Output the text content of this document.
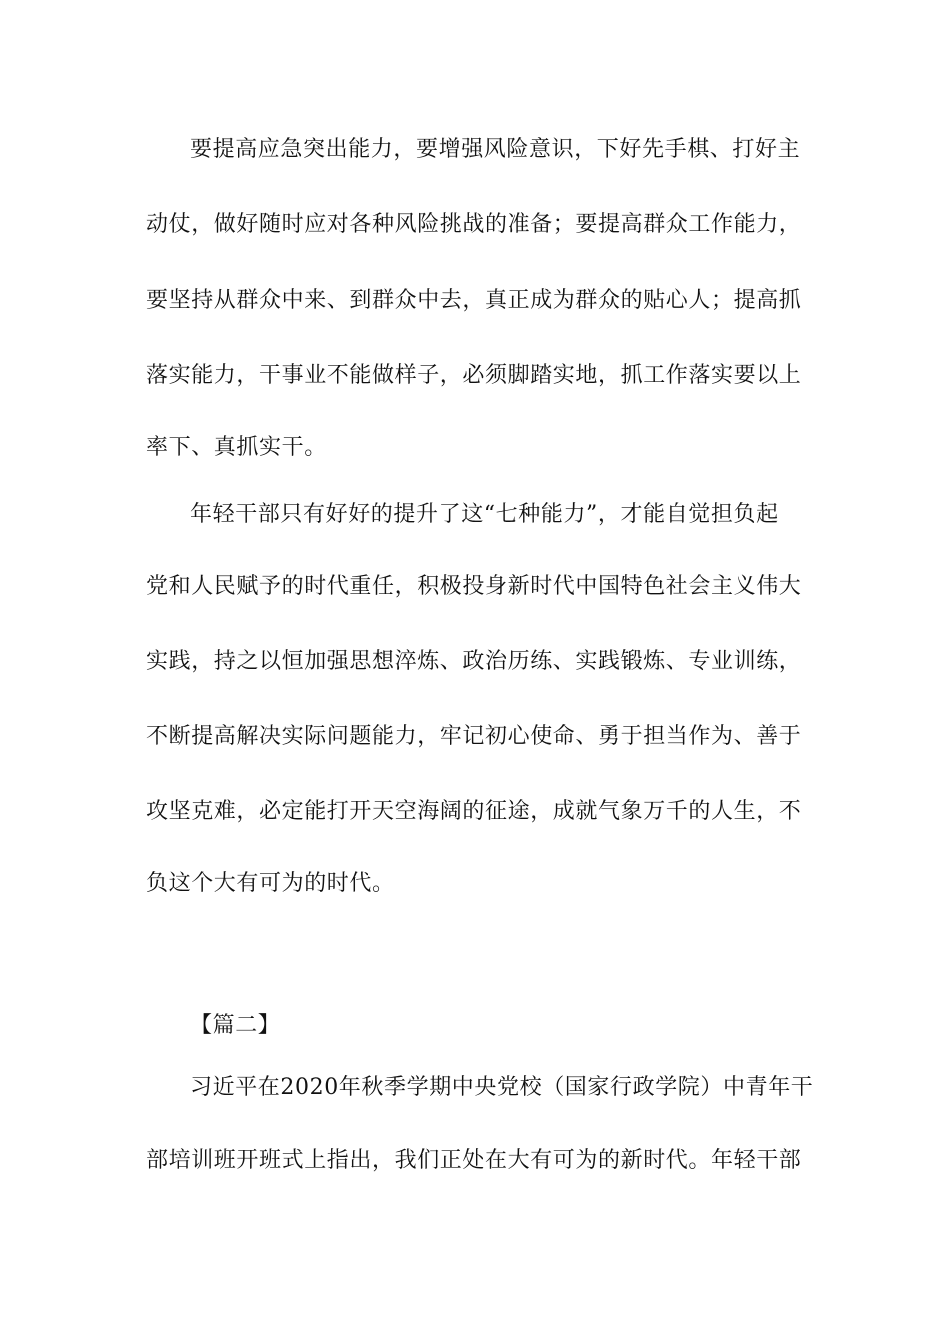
要提高应急突出能力，要增强风险意识，下好先手棋、打好主
动仗，做好随时应对各种风险挑战的准备；要提高群众工作能力，
要坚持从群众中来、到群众中去，真正成为群众的贴心人；提高抓
落实能力，干事业不能做样子，必须脚踏实地，抓工作落实要以上
率下、真抓实干。
年轻干部只有好好的提升了这“七种能力”，才能自觉担负起
党和人民赋予的时代重任，积极投身新时代中国特色社会主义伟大
实践，持之以恒加强思想淬炼、政治历练、实践锻炼、专业训练，
不断提高解决实际问题能力，牢记初心使命、勇于担当作为、善于
攻坚克难，必定能打开天空海阔的征途，成就气象万千的人生，不
负这个大有可为的时代。
【篇二】
习近平在2020年秋季学期中央党校（国家行政学院）中青年干
部培训班开班式上指出，我们正处在大有可为的新时代。年轻干部
